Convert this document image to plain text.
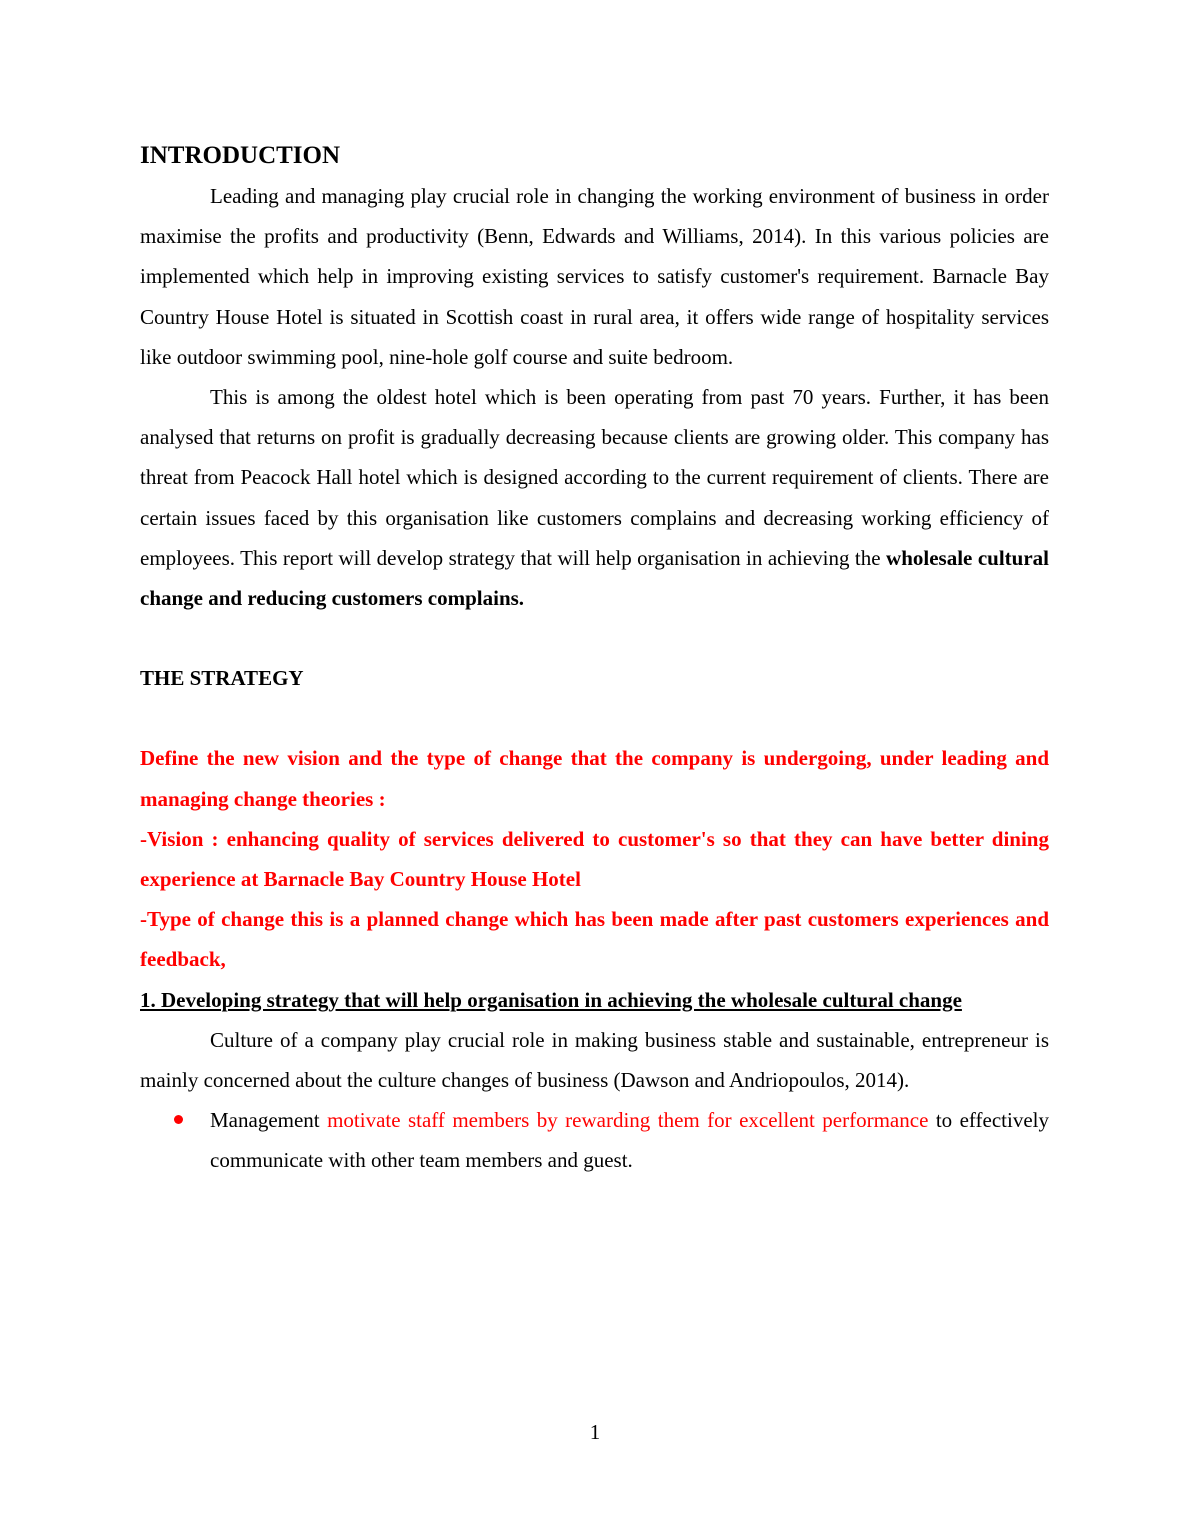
INTRODUCTION

Leading and managing play crucial role in changing the working environment of business in order maximise the profits and productivity (Benn, Edwards and Williams, 2014). In this various policies are implemented which help in improving existing services to satisfy customer's requirement. Barnacle Bay Country House Hotel is situated in Scottish coast in rural area, it offers wide range of hospitality services like outdoor swimming pool, nine-hole golf course and suite bedroom.

This is among the oldest hotel which is been operating from past 70 years. Further, it has been analysed that returns on profit is gradually decreasing because clients are growing older. This company has threat from Peacock Hall hotel which is designed according to the current requirement of clients. There are certain issues faced by this organisation like customers complains and decreasing working efficiency of employees. This report will develop strategy that will help organisation in achieving the wholesale cultural change and reducing customers complains.

THE STRATEGY

Define the new vision and the type of change that the company is undergoing, under leading and managing change theories :

-Vision : enhancing quality of services delivered to customer's so that they can have better dining experience at Barnacle Bay Country House Hotel

-Type of change this is a planned change which has been made after past customers experiences and feedback,

1. Developing strategy that will help organisation in achieving the wholesale cultural change

Culture of a company play crucial role in making business stable and sustainable, entrepreneur is mainly concerned about the culture changes of business (Dawson and Andriopoulos, 2014).

Management motivate staff members by rewarding them for excellent performance to effectively communicate with other team members and guest.
1
